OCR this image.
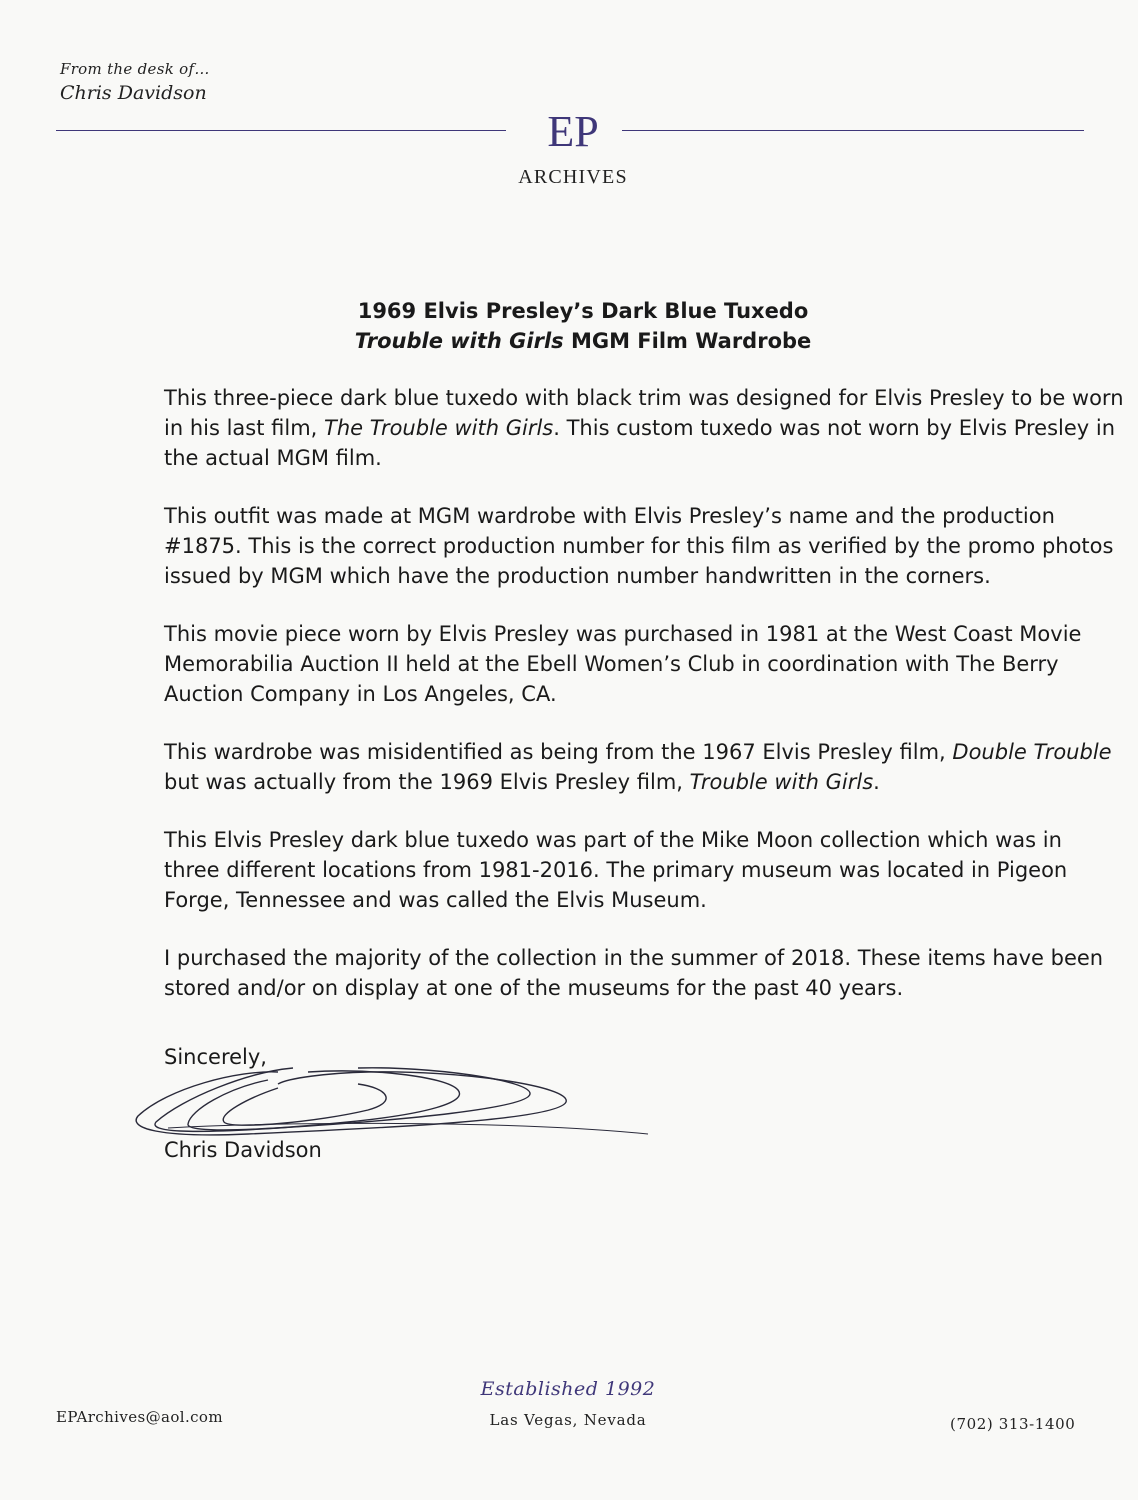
From the desk of…
Chris Davidson
EP
ARCHIVES
1969 Elvis Presley’s Dark Blue Tuxedo
Trouble with Girls MGM Film Wardrobe

This three-piece dark blue tuxedo with black trim was designed for Elvis Presley to be worn in his last film, The Trouble with Girls. This custom tuxedo was not worn by Elvis Presley in the actual MGM film.

This outfit was made at MGM wardrobe with Elvis Presley’s name and the production #1875. This is the correct production number for this film as verified by the promo photos issued by MGM which have the production number handwritten in the corners.

This movie piece worn by Elvis Presley was purchased in 1981 at the West Coast Movie Memorabilia Auction II held at the Ebell Women’s Club in coordination with The Berry Auction Company in Los Angeles, CA.

This wardrobe was misidentified as being from the 1967 Elvis Presley film, Double Trouble but was actually from the 1969 Elvis Presley film, Trouble with Girls.

This Elvis Presley dark blue tuxedo was part of the Mike Moon collection which was in three different locations from 1981-2016. The primary museum was located in Pigeon Forge, Tennessee and was called the Elvis Museum.

I purchased the majority of the collection in the summer of 2018. These items have been stored and/or on display at one of the museums for the past 40 years.

Sincerely,
Chris Davidson
Established 1992
Las Vegas, Nevada
EPArchives@aol.com	(702) 313-1400
